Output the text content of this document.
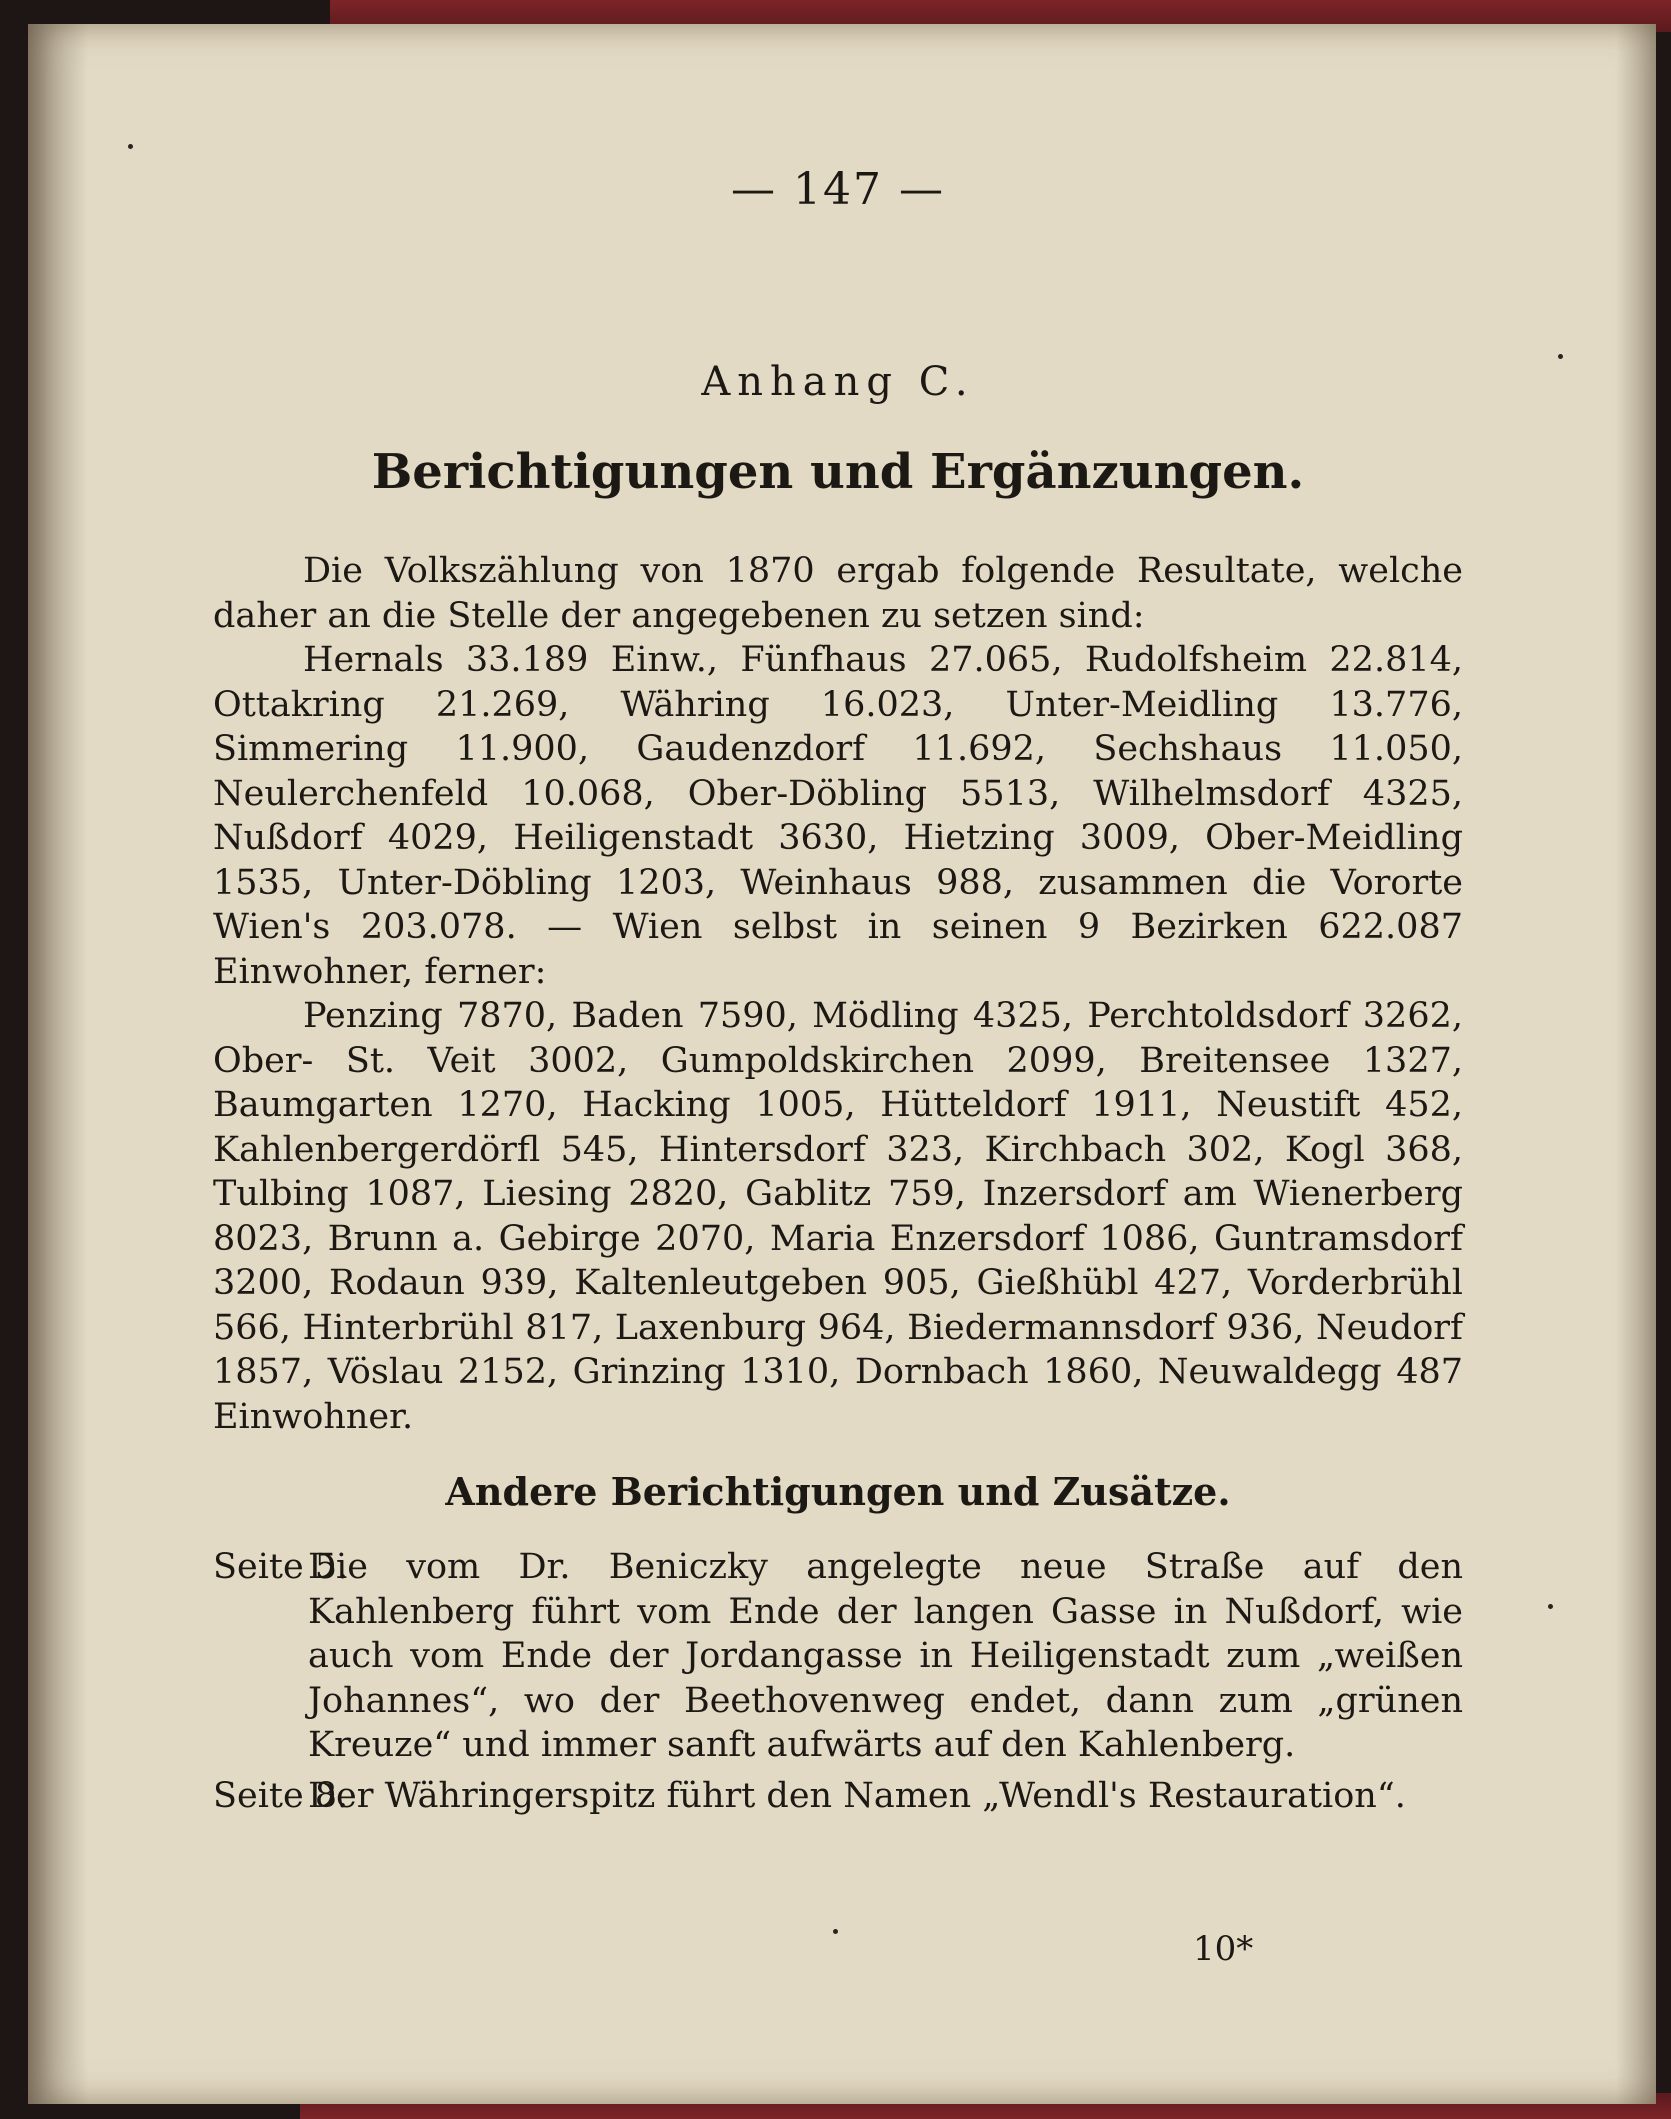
— 147 —
Anhang C.
Berichtigungen und Ergänzungen.

Die Volkszählung von 1870 ergab folgende Resultate, welche daher an die Stelle der angegebenen zu setzen sind:

Hernals 33.189 Einw., Fünfhaus 27.065, Rudolfsheim 22.814, Ottakring 21.269, Währing 16.023, Unter-Meidling 13.776, Simmering 11.900, Gaudenzdorf 11.692, Sechshaus 11.050, Neulerchenfeld 10.068, Ober-Döbling 5513, Wilhelmsdorf 4325, Nußdorf 4029, Heiligenstadt 3630, Hietzing 3009, Ober-Meidling 1535, Unter-Döbling 1203, Weinhaus 988, zusammen die Vororte Wien's 203.078. — Wien selbst in seinen 9 Bezirken 622.087 Einwohner, ferner:

Penzing 7870, Baden 7590, Mödling 4325, Perchtoldsdorf 3262, Ober- St. Veit 3002, Gumpoldskirchen 2099, Breitensee 1327, Baumgarten 1270, Hacking 1005, Hütteldorf 1911, Neustift 452, Kahlenbergerdörfl 545, Hintersdorf 323, Kirchbach 302, Kogl 368, Tulbing 1087, Liesing 2820, Gablitz 759, Inzersdorf am Wienerberg 8023, Brunn a. Gebirge 2070, Maria Enzersdorf 1086, Guntramsdorf 3200, Rodaun 939, Kaltenleutgeben 905, Gießhübl 427, Vorderbrühl 566, Hinterbrühl 817, Laxenburg 964, Biedermannsdorf 936, Neudorf 1857, Vöslau 2152, Grinzing 1310, Dornbach 1860, Neuwaldegg 487 Einwohner.

Andere Berichtigungen und Zusätze.
Seite 5.
Die vom Dr. Beniczky angelegte neue Straße auf den Kahlenberg führt vom Ende der langen Gasse in Nußdorf, wie auch vom Ende der Jordangasse in Heiligenstadt zum „weißen Johannes“, wo der Beethovenweg endet, dann zum „grünen Kreuze“ und immer sanft aufwärts auf den Kahlenberg.
Seite 8.
Der Währingerspitz führt den Namen „Wendl's Restauration“.
10*
